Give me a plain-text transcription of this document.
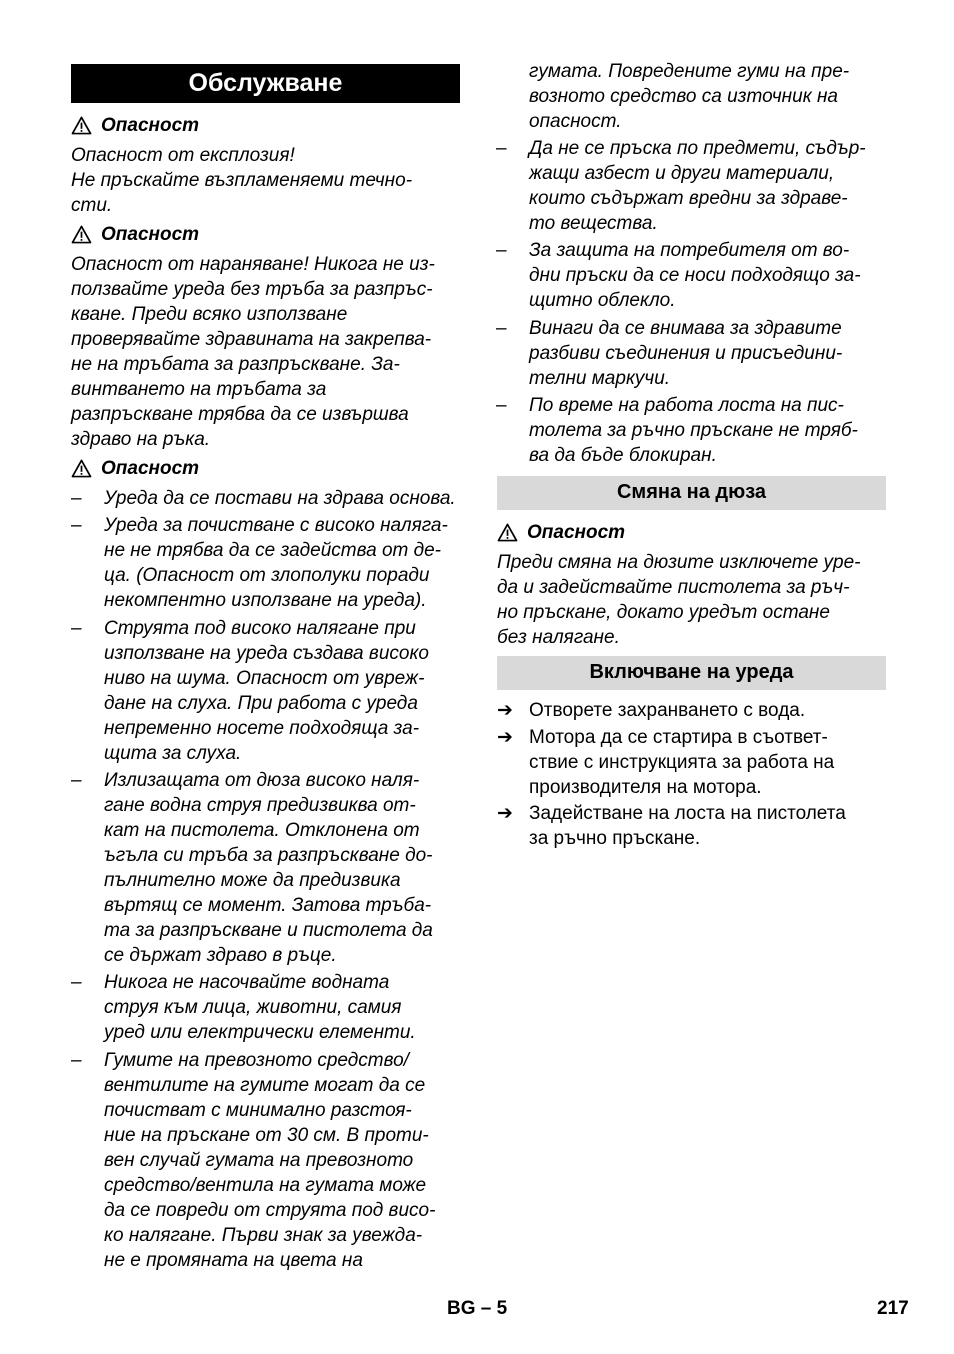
Обслужване
Опасност

Опасност от експлозия!
Не пръскайте възпламеняеми течно-
сти.

Опасност

Опасност от нараняване! Никога не из-
ползвайте уреда без тръба за разпръс-
кване. Преди всяко използване
проверявайте здравината на закрепва-
не на тръбата за разпръскване. За-
винтването на тръбата за
разпръскване трябва да се извършва
здраво на ръка.

Опасност
– Уреда да се постави на здрава основа.
– Уреда за почистване с високо наляга-
не не трябва да се задейства от де-
ца. (Опасност от злополуки поради
некомпентно използване на уреда).
– Струята под високо налягане при
използване на уреда създава високо
ниво на шума. Опасност от увреж-
дане на слуха. При работа с уреда
непременно носете подходяща за-
щита за слуха.
– Излизащата от дюза високо наля-
гане водна струя предизвиква от-
кат на пистолета. Отклонена от
ъгъла си тръба за разпръскване до-
пълнително може да предизвика
въртящ се момент. Затова тръба-
та за разпръскване и пистолета да
се държат здраво в ръце.
– Никога не насочвайте водната
струя към лица, животни, самия
уред или електрически елементи.
– Гумите на превозното средство/
вентилите на гумите могат да се
почистват с минимално разстоя-
ние на пръскане от 30 см. В проти-
вен случай гумата на превозното
средство/вентила на гумата може
да се повреди от струята под висо-
ко налягане. Първи знак за увежда-
не е промяната на цвета на
гумата. Повредените гуми на пре-
возното средство са източник на
опасност.
– Да не се пръска по предмети, съдър-
жащи азбест и други материали,
които съдържат вредни за здраве-
то вещества.
– За защита на потребителя от во-
дни пръски да се носи подходящо за-
щитно облекло.
– Винаги да се внимава за здравите
разбиви съединения и присъедини-
телни маркучи.
– По време на работа лоста на пис-
толета за ръчно пръскане не тряб-
ва да бъде блокиран.
Смяна на дюза
Опасност

Преди смяна на дюзите изключете уре-
да и задействайте пистолета за ръч-
но пръскане, докато уредът остане
без налягане.

Включване на уреда
➔ Отворете захранването с вода.
➔ Мотора да се стартира в съответ-
ствие с инструкцията за работа на
производителя на мотора.
➔ Задействане на лоста на пистолета
за ръчно пръскане.
BG – 5	217
